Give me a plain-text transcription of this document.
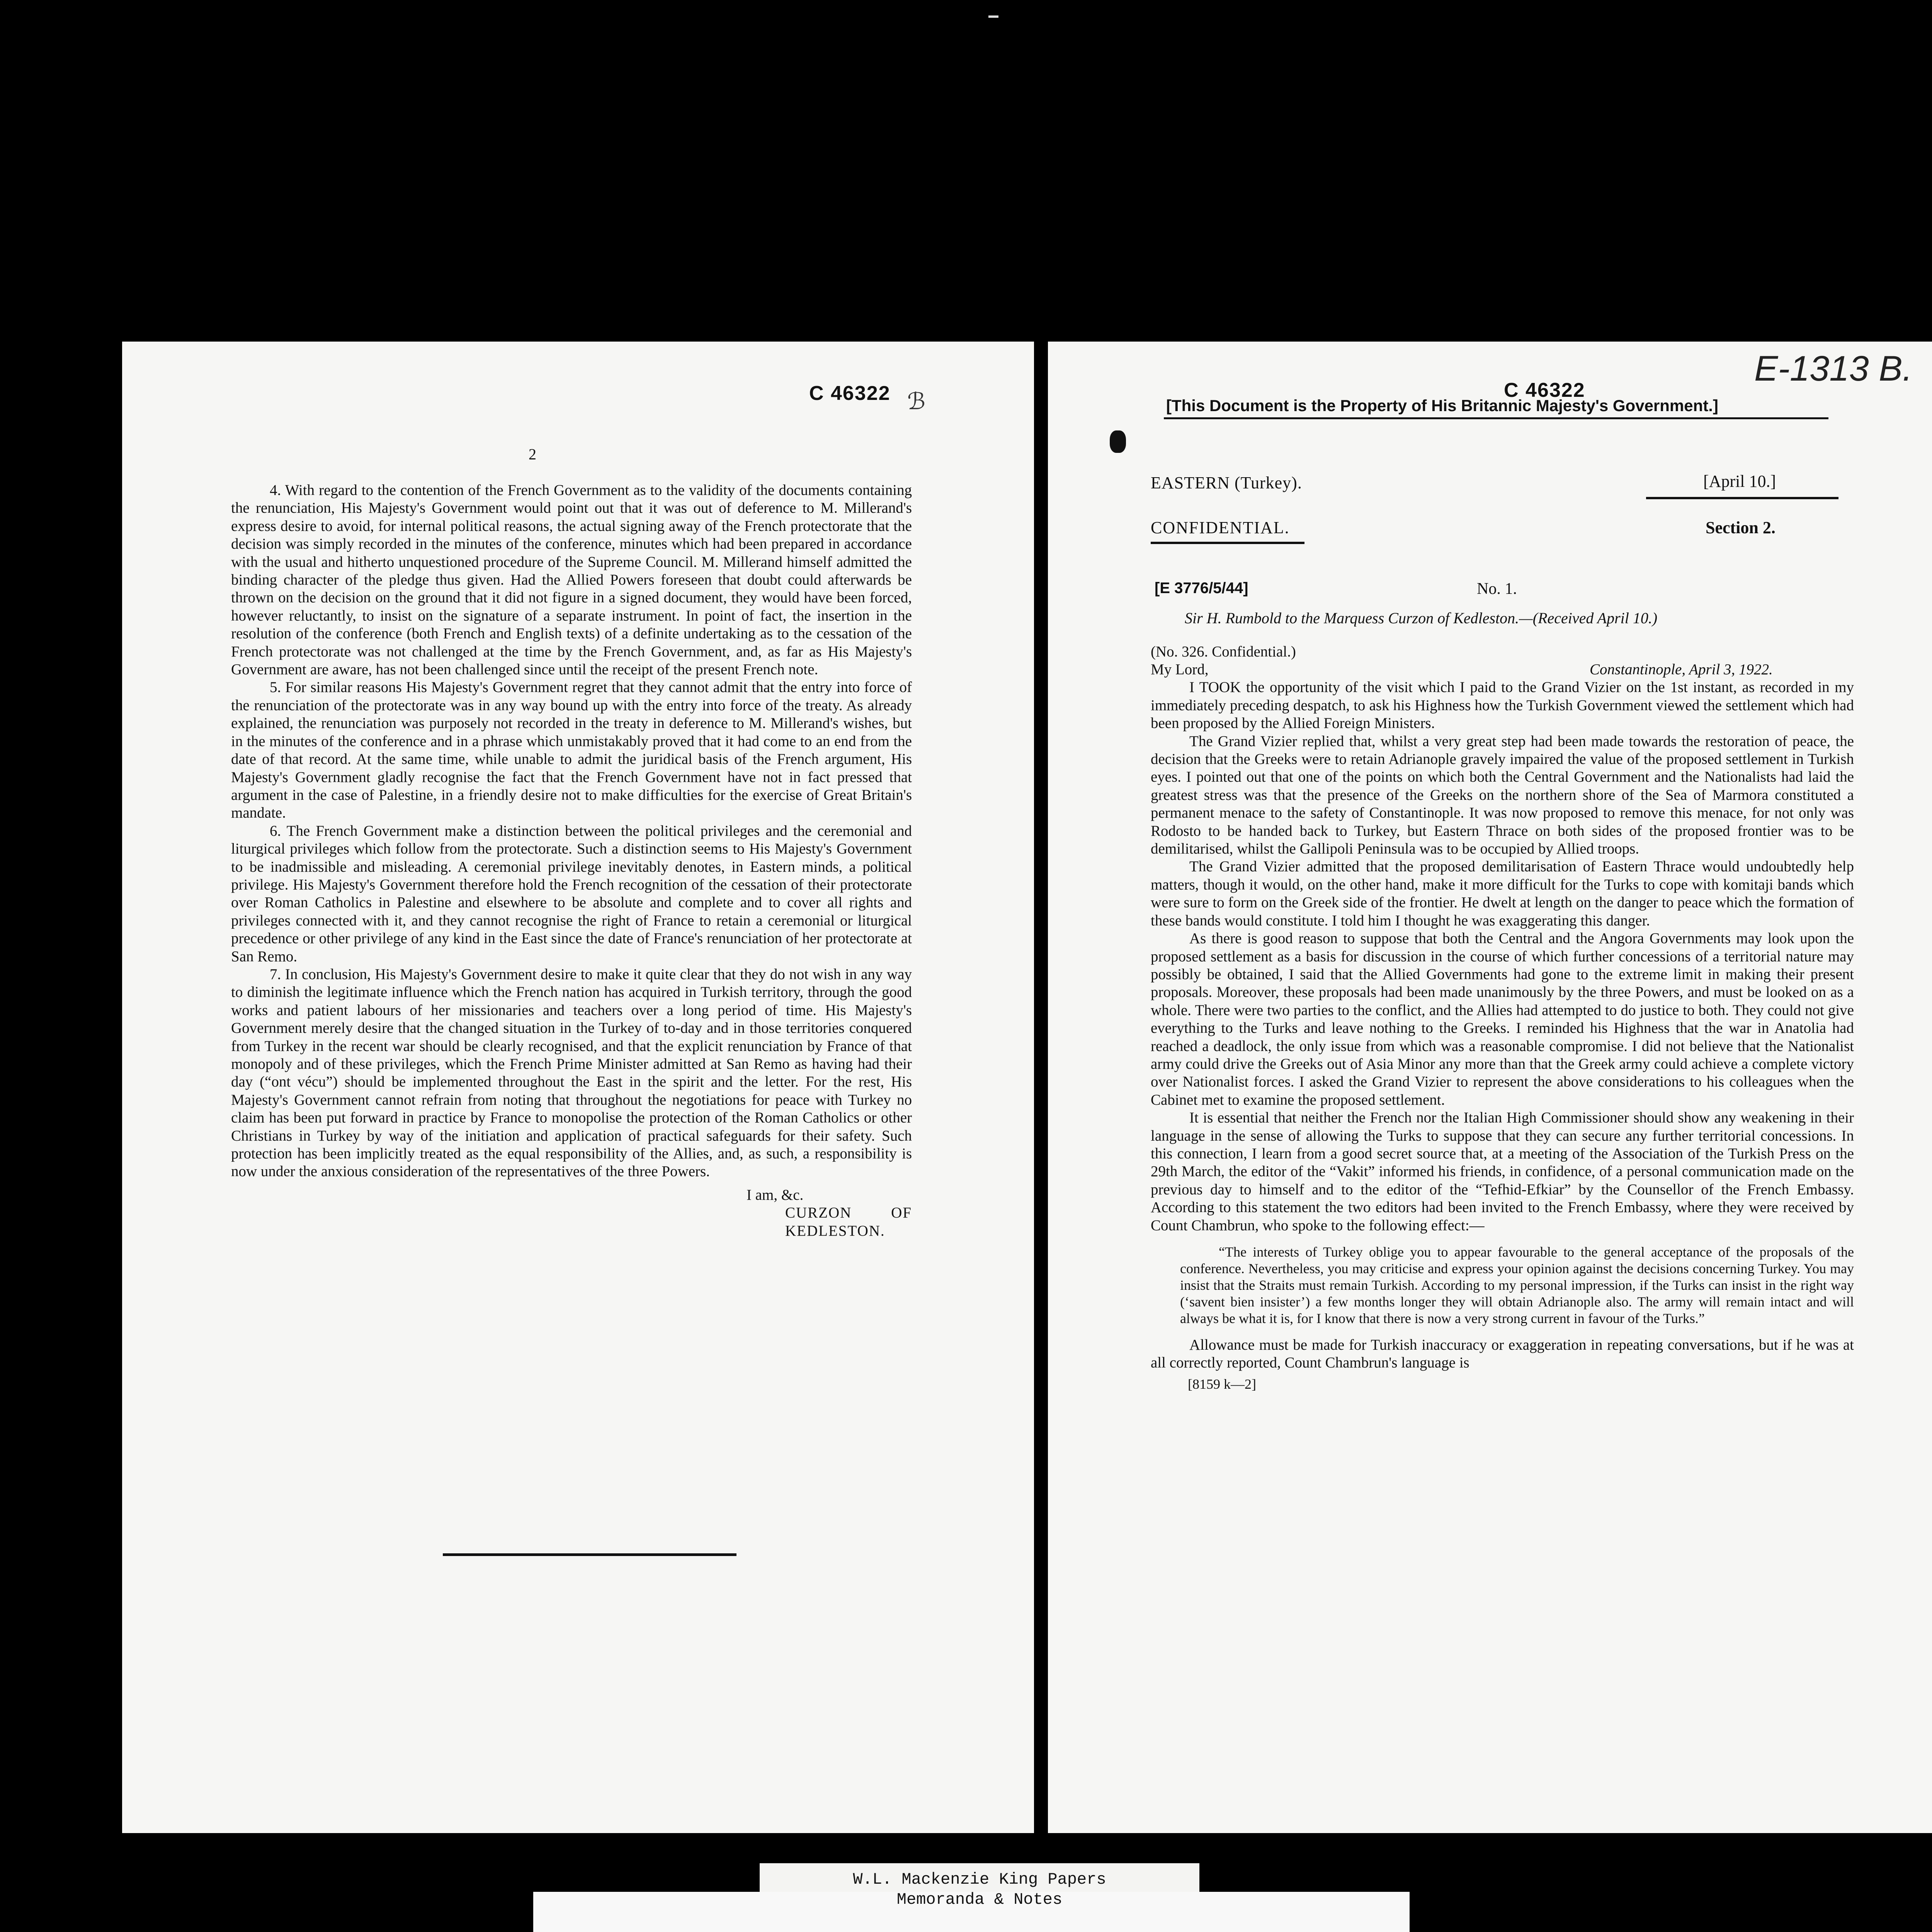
C 46322 ℬ
2

4. With regard to the contention of the French Government as to the validity of the documents containing the renunciation, His Majesty's Government would point out that it was out of deference to M. Millerand's express desire to avoid, for internal political reasons, the actual signing away of the French protectorate that the decision was simply recorded in the minutes of the conference, minutes which had been prepared in accordance with the usual and hitherto unquestioned procedure of the Supreme Council. M. Millerand himself admitted the binding character of the pledge thus given. Had the Allied Powers foreseen that doubt could afterwards be thrown on the decision on the ground that it did not figure in a signed document, they would have been forced, however reluctantly, to insist on the signature of a separate instrument. In point of fact, the insertion in the resolution of the conference (both French and English texts) of a definite undertaking as to the cessation of the French protectorate was not challenged at the time by the French Government, and, as far as His Majesty's Government are aware, has not been challenged since until the receipt of the present French note.

5. For similar reasons His Majesty's Government regret that they cannot admit that the entry into force of the renunciation of the protectorate was in any way bound up with the entry into force of the treaty. As already explained, the renunciation was purposely not recorded in the treaty in deference to M. Millerand's wishes, but in the minutes of the conference and in a phrase which unmistakably proved that it had come to an end from the date of that record. At the same time, while unable to admit the juridical basis of the French argument, His Majesty's Government gladly recognise the fact that the French Government have not in fact pressed that argument in the case of Palestine, in a friendly desire not to make difficulties for the exercise of Great Britain's mandate.

6. The French Government make a distinction between the political privileges and the ceremonial and liturgical privileges which follow from the protectorate. Such a distinction seems to His Majesty's Government to be inadmissible and misleading. A ceremonial privilege inevitably denotes, in Eastern minds, a political privilege. His Majesty's Government therefore hold the French recognition of the cessation of their protectorate over Roman Catholics in Palestine and elsewhere to be absolute and complete and to cover all rights and privileges connected with it, and they cannot recognise the right of France to retain a ceremonial or liturgical precedence or other privilege of any kind in the East since the date of France's renunciation of her protectorate at San Remo.

7. In conclusion, His Majesty's Government desire to make it quite clear that they do not wish in any way to diminish the legitimate influence which the French nation has acquired in Turkish territory, through the good works and patient labours of her missionaries and teachers over a long period of time. His Majesty's Government merely desire that the changed situation in the Turkey of to-day and in those territories conquered from Turkey in the recent war should be clearly recognised, and that the explicit renunciation by France of that monopoly and of these privileges, which the French Prime Minister admitted at San Remo as having had their day (“ont vécu”) should be implemented throughout the East in the spirit and the letter. For the rest, His Majesty's Government cannot refrain from noting that throughout the negotiations for peace with Turkey no claim has been put forward in practice by France to monopolise the protection of the Roman Catholics or other Christians in Turkey by way of the initiation and application of practical safeguards for their safety. Such protection has been implicitly treated as the equal responsibility of the Allies, and, as such, a responsibility is now under the anxious consideration of the representatives of the three Powers.

I am, &c.
CURZON OF KEDLESTON.
E-1313 B.
C 46322
[This Document is the Property of His Britannic Majesty's Government.]
EASTERN (Turkey).	[April 10.]
CONFIDENTIAL.	Section 2.
[E 3776/5/44]	No. 1.
Sir H. Rumbold to the Marquess Curzon of Kedleston.—(Received April 10.)
(No. 326. Confidential.)
My Lord,	Constantinople, April 3, 1922.

I TOOK the opportunity of the visit which I paid to the Grand Vizier on the 1st instant, as recorded in my immediately preceding despatch, to ask his Highness how the Turkish Government viewed the settlement which had been proposed by the Allied Foreign Ministers.

The Grand Vizier replied that, whilst a very great step had been made towards the restoration of peace, the decision that the Greeks were to retain Adrianople gravely impaired the value of the proposed settlement in Turkish eyes. I pointed out that one of the points on which both the Central Government and the Nationalists had laid the greatest stress was that the presence of the Greeks on the northern shore of the Sea of Marmora constituted a permanent menace to the safety of Constantinople. It was now proposed to remove this menace, for not only was Rodosto to be handed back to Turkey, but Eastern Thrace on both sides of the proposed frontier was to be demilitarised, whilst the Gallipoli Peninsula was to be occupied by Allied troops.

The Grand Vizier admitted that the proposed demilitarisation of Eastern Thrace would undoubtedly help matters, though it would, on the other hand, make it more difficult for the Turks to cope with komitaji bands which were sure to form on the Greek side of the frontier. He dwelt at length on the danger to peace which the formation of these bands would constitute. I told him I thought he was exaggerating this danger.

As there is good reason to suppose that both the Central and the Angora Governments may look upon the proposed settlement as a basis for discussion in the course of which further concessions of a territorial nature may possibly be obtained, I said that the Allied Governments had gone to the extreme limit in making their present proposals. Moreover, these proposals had been made unanimously by the three Powers, and must be looked on as a whole. There were two parties to the conflict, and the Allies had attempted to do justice to both. They could not give everything to the Turks and leave nothing to the Greeks. I reminded his Highness that the war in Anatolia had reached a deadlock, the only issue from which was a reasonable compromise. I did not believe that the Nationalist army could drive the Greeks out of Asia Minor any more than that the Greek army could achieve a complete victory over Nationalist forces. I asked the Grand Vizier to represent the above considerations to his colleagues when the Cabinet met to examine the proposed settlement.

It is essential that neither the French nor the Italian High Commissioner should show any weakening in their language in the sense of allowing the Turks to suppose that they can secure any further territorial concessions. In this connection, I learn from a good secret source that, at a meeting of the Association of the Turkish Press on the 29th March, the editor of the “Vakit” informed his friends, in confidence, of a personal communication made on the previous day to himself and to the editor of the “Tefhid-Efkiar” by the Counsellor of the French Embassy. According to this statement the two editors had been invited to the French Embassy, where they were received by Count Chambrun, who spoke to the following effect:—

“The interests of Turkey oblige you to appear favourable to the general acceptance of the proposals of the conference. Nevertheless, you may criticise and express your opinion against the decisions concerning Turkey. You may insist that the Straits must remain Turkish. According to my personal impression, if the Turks can insist in the right way (‘savent bien insister’) a few months longer they will obtain Adrianople also. The army will remain intact and will always be what it is, for I know that there is now a very strong current in favour of the Turks.”

Allowance must be made for Turkish inaccuracy or exaggeration in repeating conversations, but if he was at all correctly reported, Count Chambrun's language is

[8159 k—2]
W.L. Mackenzie King Papers
Memoranda & Notes
